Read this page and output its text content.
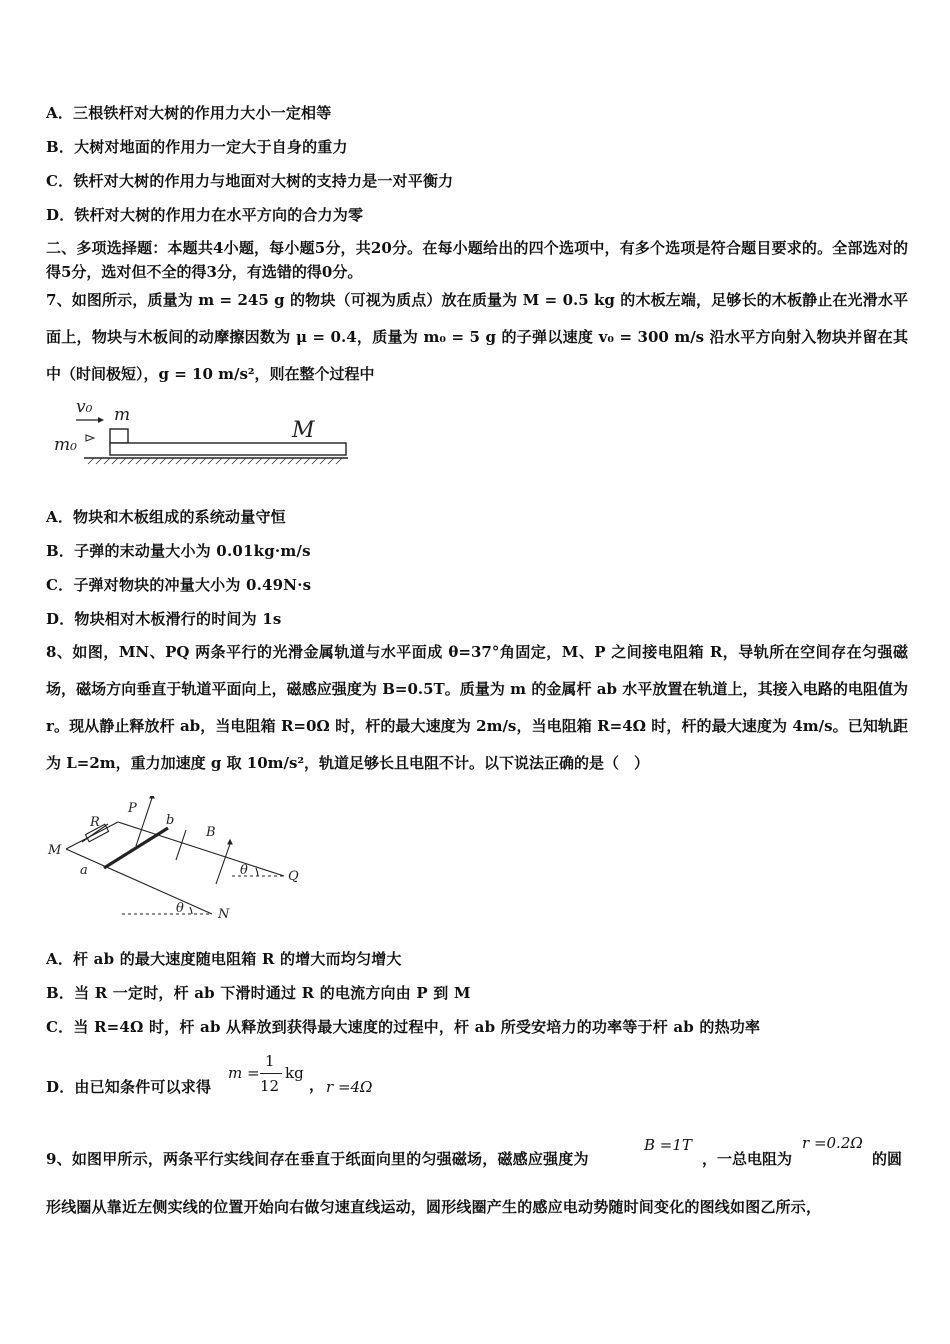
A．三根铁杆对大树的作用力大小一定相等
B．大树对地面的作用力一定大于自身的重力
C．铁杆对大树的作用力与地面对大树的支持力是一对平衡力
D．铁杆对大树的作用力在水平方向的合力为零
二、多项选择题：本题共4小题，每小题5分，共20分。在每小题给出的四个选项中，有多个选项是符合题目要求的。全部选对的得5分，选对但不全的得3分，有选错的得0分。
7、如图所示，质量为 m = 245 g 的物块（可视为质点）放在质量为 M = 0.5 kg 的木板左端，足够长的木板静止在光滑水平面上，物块与木板间的动摩擦因数为 μ = 0.4，质量为 m₀ = 5 g 的子弹以速度 v₀ = 300 m/s 沿水平方向射入物块并留在其中（时间极短），g = 10 m/s²，则在整个过程中
v₀ m
m₀
M
A．物块和木板组成的系统动量守恒
B．子弹的末动量大小为 0.01kg·m/s
C．子弹对物块的冲量大小为 0.49N·s
D．物块相对木板滑行的时间为 1s
8、如图，MN、PQ 两条平行的光滑金属轨道与水平面成 θ=37°角固定，M、P 之间接电阻箱 R，导轨所在空间存在匀强磁场，磁场方向垂直于轨道平面向上，磁感应强度为 B=0.5T。质量为 m 的金属杆 ab 水平放置在轨道上，其接入电路的电阻值为 r。现从静止释放杆 ab，当电阻箱 R=0Ω 时，杆的最大速度为 2m/s，当电阻箱 R=4Ω 时，杆的最大速度为 4m/s。已知轨距为 L=2m，重力加速度 g 取 10m/s²，轨道足够长且电阻不计。以下说法正确的是（　）
P
R	b
B
M
a	θ	Q
θ	N
A．杆 ab 的最大速度随电阻箱 R 的增大而均匀增大
B．当 R 一定时，杆 ab 下滑时通过 R 的电流方向由 P 到 M
C．当 R=4Ω 时，杆 ab 从释放到获得最大速度的过程中，杆 ab 所受安培力的功率等于杆 ab 的热功率
D．由已知条件可以求得
m =
1
12
kg
， r =4Ω
9、如图甲所示，两条平行实线间存在垂直于纸面向里的匀强磁场，磁感应强度为
B =1T
，一总电阻为
r =0.2Ω
的圆
形线圈从靠近左侧实线的位置开始向右做匀速直线运动，圆形线圈产生的感应电动势随时间变化的图线如图乙所示，
